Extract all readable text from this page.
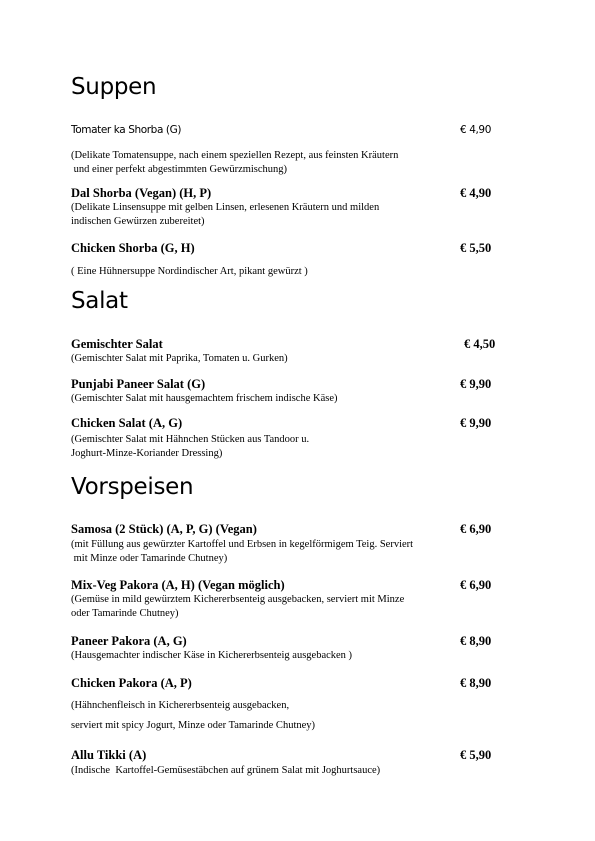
Suppen
Tomater ka Shorba (G)	€ 4,90

(Delikate Tomatensuppe, nach einem speziellen Rezept, aus feinsten Kräutern
und einer perfekt abgestimmten Gewürzmischung)

Dal Shorba (Vegan) (H, P)	€ 4,90

(Delikate Linsensuppe mit gelben Linsen, erlesenen Kräutern und milden
indischen Gewürzen zubereitet)

Chicken Shorba (G, H)	€ 5,50

( Eine Hühnersuppe Nordindischer Art, pikant gewürzt )

Salat
Gemischter Salat	€ 4,50

(Gemischter Salat mit Paprika, Tomaten u. Gurken)

Punjabi Paneer Salat (G)	€ 9,90

(Gemischter Salat mit hausgemachtem frischem indische Käse)

Chicken Salat (A, G)	€ 9,90

(Gemischter Salat mit Hähnchen Stücken aus Tandoor u.
Joghurt-Minze-Koriander Dressing)

Vorspeisen
Samosa (2 Stück) (A, P, G) (Vegan)	€ 6,90

(mit Füllung aus gewürzter Kartoffel und Erbsen in kegelförmigem Teig. Serviert
mit Minze oder Tamarinde Chutney)

Mix-Veg Pakora (A, H) (Vegan möglich)	€ 6,90

(Gemüse in mild gewürztem Kichererbsenteig ausgebacken, serviert mit Minze
oder Tamarinde Chutney)

Paneer Pakora (A, G)	€ 8,90

(Hausgemachter indischer Käse in Kichererbsenteig ausgebacken )

Chicken Pakora (A, P)	€ 8,90

(Hähnchenfleisch in Kichererbsenteig ausgebacken,

serviert mit spicy Jogurt, Minze oder Tamarinde Chutney)

Allu Tikki (A)	€ 5,90

(Indische  Kartoffel-Gemüsestäbchen auf grünem Salat mit Joghurtsauce)
